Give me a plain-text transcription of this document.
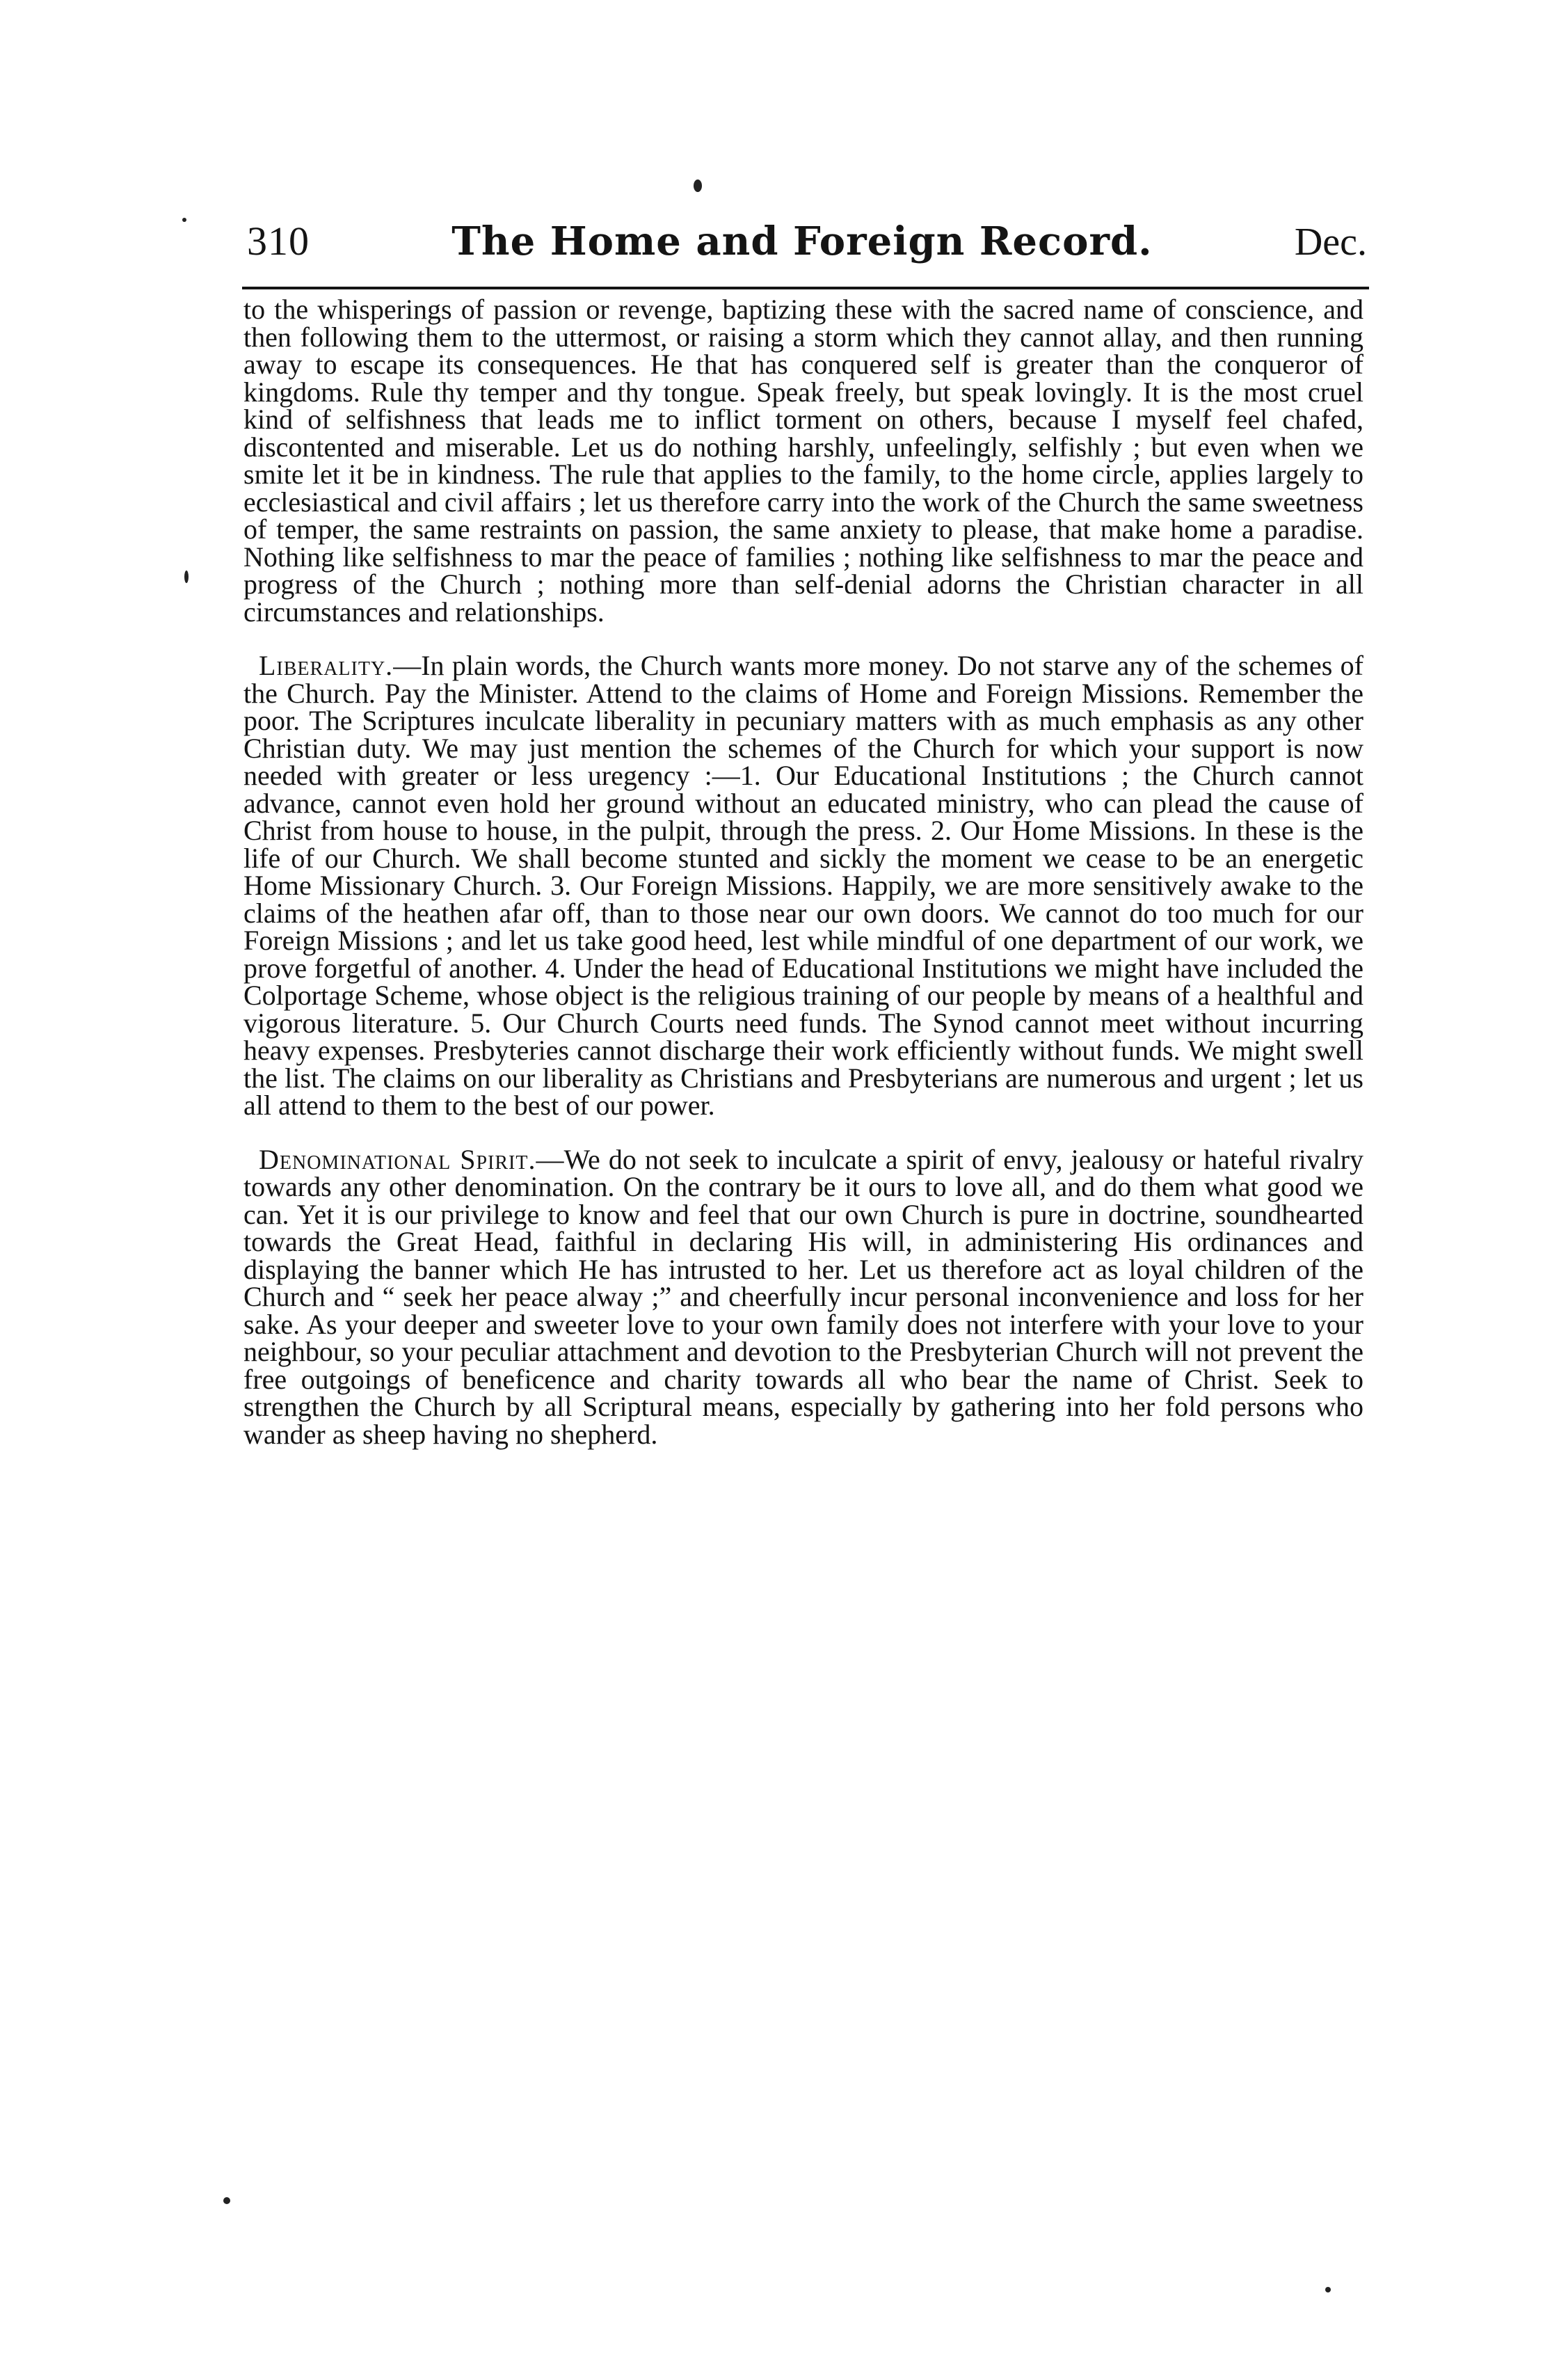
310	The Home and Foreign Record.	Dec.

to the whisperings of passion or revenge, baptizing these with the sacred name of conscience, and then following them to the uttermost, or raising a storm which they cannot allay, and then running away to escape its consequences. He that has conquered self is greater than the conqueror of kingdoms. Rule thy temper and thy tongue. Speak freely, but speak lovingly. It is the most cruel kind of selfishness that leads me to inflict torment on others, because I myself feel chafed, discontented and miserable. Let us do nothing harshly, unfeelingly, selfishly ; but even when we smite let it be in kindness. The rule that applies to the family, to the home circle, applies largely to ecclesiastical and civil affairs ; let us therefore carry into the work of the Church the same sweetness of temper, the same restraints on passion, the same anxiety to please, that make home a paradise. Nothing like selfishness to mar the peace of families ; nothing like selfishness to mar the peace and progress of the Church ; nothing more than self-denial adorns the Christian character in all circumstances and relationships.

Liberality.—In plain words, the Church wants more money. Do not starve any of the schemes of the Church. Pay the Minister. Attend to the claims of Home and Foreign Missions. Remember the poor. The Scriptures inculcate liberality in pecuniary matters with as much emphasis as any other Christian duty. We may just mention the schemes of the Church for which your support is now needed with greater or less uregency :—1. Our Educational Institutions ; the Church cannot advance, cannot even hold her ground without an educated ministry, who can plead the cause of Christ from house to house, in the pulpit, through the press. 2. Our Home Missions. In these is the life of our Church. We shall become stunted and sickly the moment we cease to be an energetic Home Missionary Church. 3. Our Foreign Missions. Happily, we are more sensitively awake to the claims of the heathen afar off, than to those near our own doors. We cannot do too much for our Foreign Missions ; and let us take good heed, lest while mindful of one department of our work, we prove forgetful of another. 4. Under the head of Educational Institutions we might have included the Colportage Scheme, whose object is the religious training of our people by means of a healthful and vigorous literature. 5. Our Church Courts need funds. The Synod cannot meet without incurring heavy expenses. Presbyteries cannot discharge their work efficiently without funds. We might swell the list. The claims on our liberality as Christians and Presbyterians are numerous and urgent ; let us all attend to them to the best of our power.

Denominational Spirit.—We do not seek to inculcate a spirit of envy, jealousy or hateful rivalry towards any other denomination. On the contrary be it ours to love all, and do them what good we can. Yet it is our privilege to know and feel that our own Church is pure in doctrine, soundhearted towards the Great Head, faithful in declaring His will, in administering His ordinances and displaying the banner which He has intrusted to her. Let us therefore act as loyal children of the Church and “ seek her peace alway ;” and cheerfully incur personal inconvenience and loss for her sake. As your deeper and sweeter love to your own family does not interfere with your love to your neighbour, so your peculiar attachment and devotion to the Presbyterian Church will not prevent the free outgoings of beneficence and charity towards all who bear the name of Christ. Seek to strengthen the Church by all Scriptural means, especially by gathering into her fold persons who wander as sheep having no shepherd.
